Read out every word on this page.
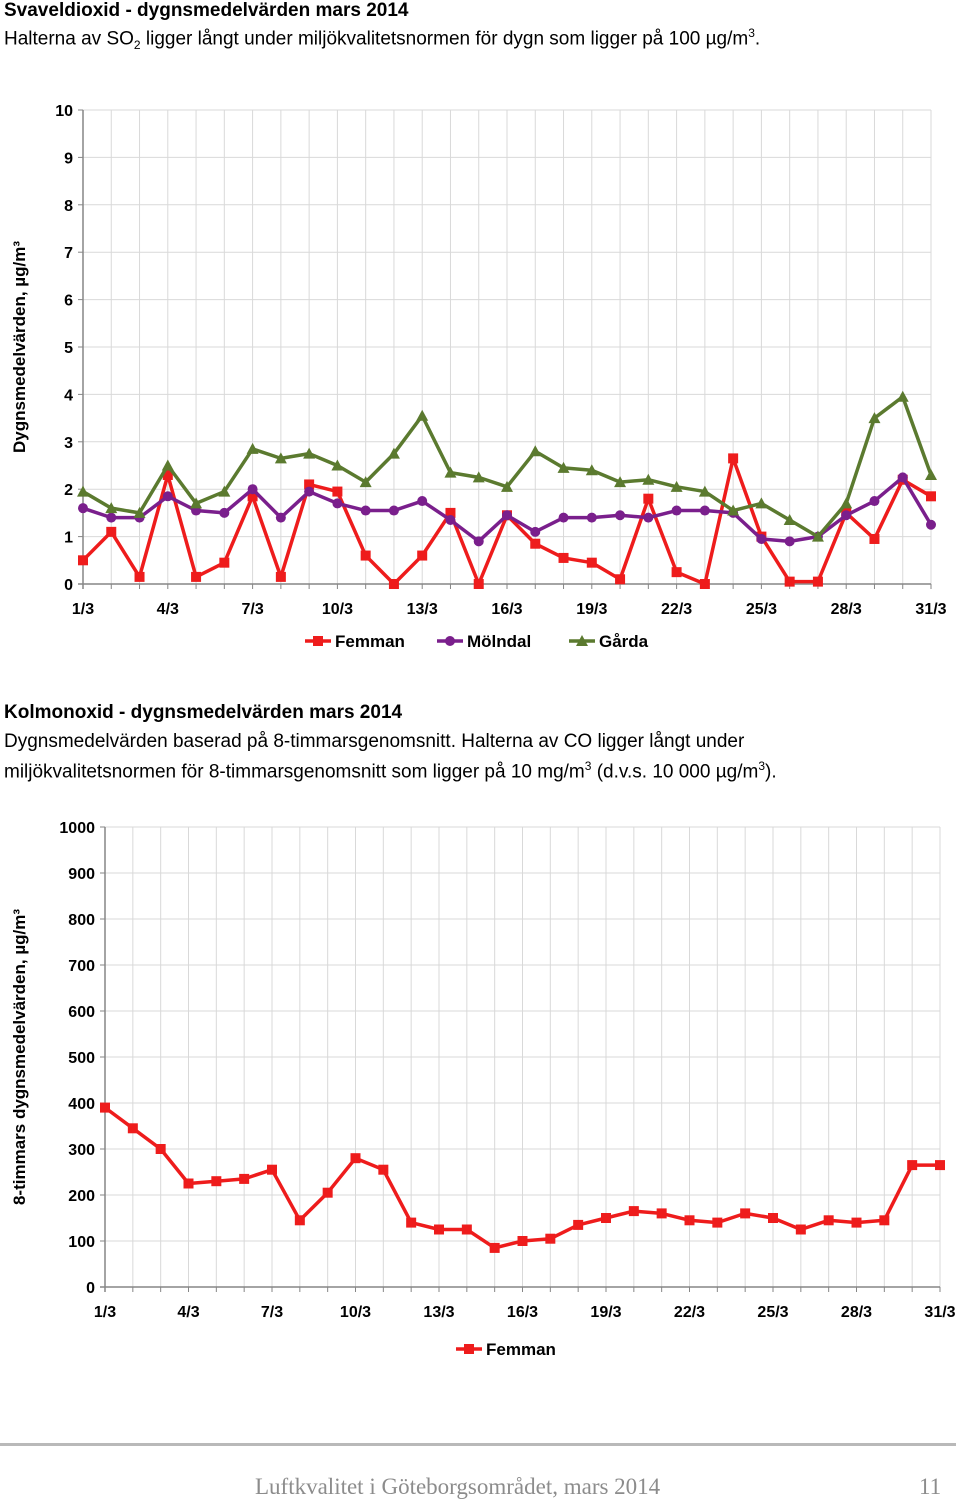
Svaveldioxid - dygnsmedelvärden mars 2014
Halterna av $SO_2$ ligger långt under miljökvalitetsnormen för dygn som ligger på 100 $\mu g/m^3$.
0
1
2
3
4
5
6
7
8
9
10
1/3	4/3	7/3	10/3	13/3	16/3	19/3	22/3	25/3	28/3	31/3
Dygnsmedelvärden, µg/m³
Femman	Mölndal	Gårda
Kolmonoxid - dygnsmedelvärden mars 2014
Dygnsmedelvärden baserad på 8-timmarsgenomsnitt. Halterna av CO ligger långt under
miljökvalitetsnormen för 8-timmarsgenomsnitt som ligger på 10 $mg/m^3$ (d.v.s. 10 000 $\mu g/m^3$).
0
100
200
300
400
500
600
700
800
900
1000
1/3	4/3	7/3	10/3	13/3	16/3	19/3	22/3	25/3	28/3	31/3
8-timmars dygnsmedelvärden, µg/m³
Femman
Luftkvalitet i Göteborgsområdet, mars 2014	11
